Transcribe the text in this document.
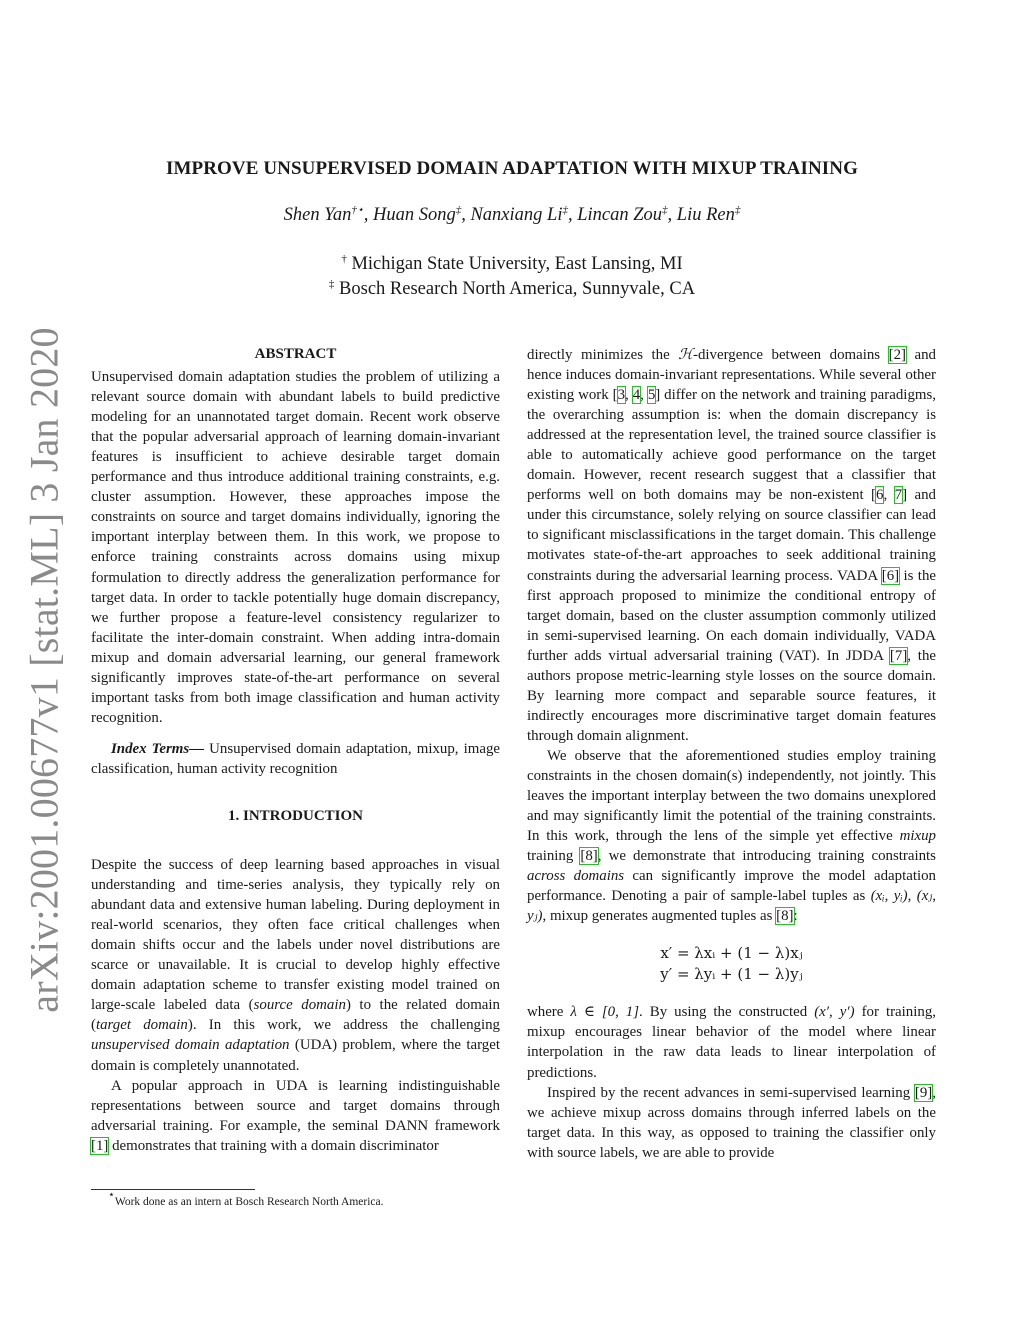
arXiv:2001.00677v1 [stat.ML] 3 Jan 2020
IMPROVE UNSUPERVISED DOMAIN ADAPTATION WITH MIXUP TRAINING
Shen Yan†⋆, Huan Song‡, Nanxiang Li‡, Lincan Zou‡, Liu Ren‡
† Michigan State University, East Lansing, MI
‡ Bosch Research North America, Sunnyvale, CA
ABSTRACT

Unsupervised domain adaptation studies the problem of utilizing a relevant source domain with abundant labels to build predictive modeling for an unannotated target domain. Recent work observe that the popular adversarial approach of learning domain-invariant features is insufficient to achieve desirable target domain performance and thus introduce additional training constraints, e.g. cluster assumption. However, these approaches impose the constraints on source and target domains individually, ignoring the important interplay between them. In this work, we propose to enforce training constraints across domains using mixup formulation to directly address the generalization performance for target data. In order to tackle potentially huge domain discrepancy, we further propose a feature-level consistency regularizer to facilitate the inter-domain constraint. When adding intra-domain mixup and domain adversarial learning, our general framework significantly improves state-of-the-art performance on several important tasks from both image classification and human activity recognition.

Index Terms— Unsupervised domain adaptation, mixup, image classification, human activity recognition

1. INTRODUCTION

Despite the success of deep learning based approaches in visual understanding and time-series analysis, they typically rely on abundant data and extensive human labeling. During deployment in real-world scenarios, they often face critical challenges when domain shifts occur and the labels under novel distributions are scarce or unavailable. It is crucial to develop highly effective domain adaptation scheme to transfer existing model trained on large-scale labeled data (source domain) to the related domain (target domain). In this work, we address the challenging unsupervised domain adaptation (UDA) problem, where the target domain is completely unannotated.

A popular approach in UDA is learning indistinguishable representations between source and target domains through adversarial training. For example, the seminal DANN framework [1] demonstrates that training with a domain discriminator

directly minimizes the ℋ-divergence between domains [2] and hence induces domain-invariant representations. While several other existing work [3, 4, 5] differ on the network and training paradigms, the overarching assumption is: when the domain discrepancy is addressed at the representation level, the trained source classifier is able to automatically achieve good performance on the target domain. However, recent research suggest that a classifier that performs well on both domains may be non-existent [6, 7] and under this circumstance, solely relying on source classifier can lead to significant misclassifications in the target domain. This challenge motivates state-of-the-art approaches to seek additional training constraints during the adversarial learning process. VADA [6] is the first approach proposed to minimize the conditional entropy of target domain, based on the cluster assumption commonly utilized in semi-supervised learning. On each domain individually, VADA further adds virtual adversarial training (VAT). In JDDA [7], the authors propose metric-learning style losses on the source domain. By learning more compact and separable source features, it indirectly encourages more discriminative target domain features through domain alignment.

We observe that the aforementioned studies employ training constraints in the chosen domain(s) independently, not jointly. This leaves the important interplay between the two domains unexplored and may significantly limit the potential of the training constraints. In this work, through the lens of the simple yet effective mixup training [8], we demonstrate that introducing training constraints across domains can significantly improve the model adaptation performance. Denoting a pair of sample-label tuples as (xᵢ, yᵢ), (xⱼ, yⱼ), mixup generates augmented tuples as [8]:

x′ = λxᵢ + (1 − λ)xⱼ
y′ = λyᵢ + (1 − λ)yⱼ

where λ ∈ [0, 1]. By using the constructed (x′, y′) for training, mixup encourages linear behavior of the model where linear interpolation in the raw data leads to linear interpolation of predictions.

Inspired by the recent advances in semi-supervised learning [9], we achieve mixup across domains through inferred labels on the target data. In this way, as opposed to training the classifier only with source labels, we are able to provide

⋆Work done as an intern at Bosch Research North America.
